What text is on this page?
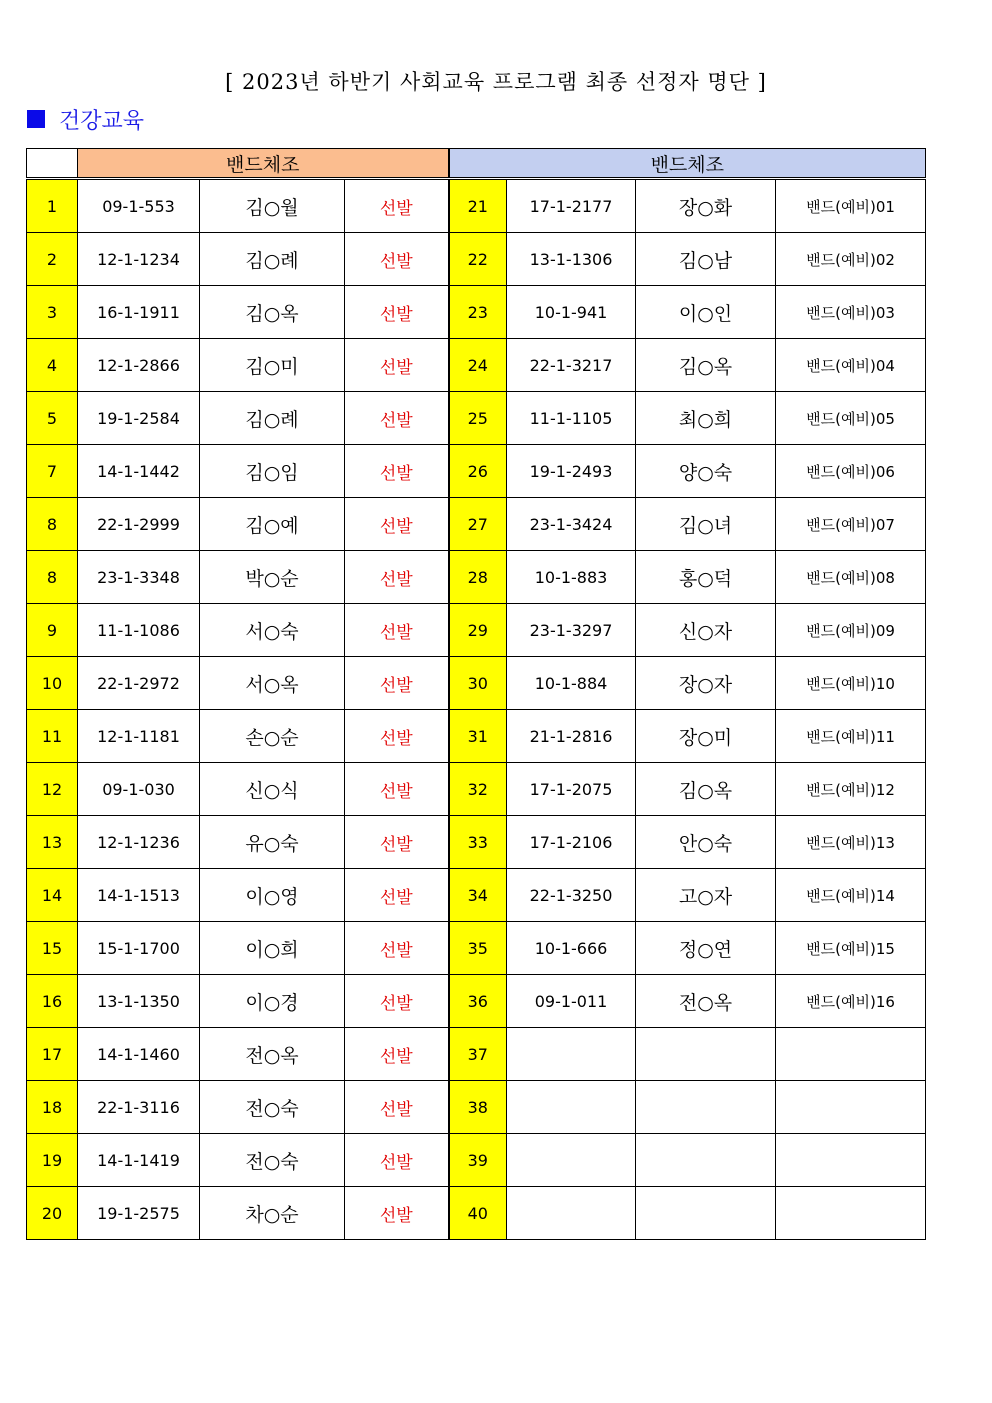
[ 2023년 하반기 사회교육 프로그램 최종 선정자 명단 ]
건강교육
	밴드체조			밴드체조			
1	09-1-553	김○월	선발	21	17-1-2177	장○화	밴드(예비)01
2	12-1-1234	김○례	선발	22	13-1-1306	김○남	밴드(예비)02
3	16-1-1911	김○옥	선발	23	10-1-941	이○인	밴드(예비)03
4	12-1-2866	김○미	선발	24	22-1-3217	김○옥	밴드(예비)04
5	19-1-2584	김○례	선발	25	11-1-1105	최○희	밴드(예비)05
7	14-1-1442	김○임	선발	26	19-1-2493	양○숙	밴드(예비)06
8	22-1-2999	김○예	선발	27	23-1-3424	김○녀	밴드(예비)07
8	23-1-3348	박○순	선발	28	10-1-883	홍○덕	밴드(예비)08
9	11-1-1086	서○숙	선발	29	23-1-3297	신○자	밴드(예비)09
10	22-1-2972	서○옥	선발	30	10-1-884	장○자	밴드(예비)10
11	12-1-1181	손○순	선발	31	21-1-2816	장○미	밴드(예비)11
12	09-1-030	신○식	선발	32	17-1-2075	김○옥	밴드(예비)12
13	12-1-1236	유○숙	선발	33	17-1-2106	안○숙	밴드(예비)13
14	14-1-1513	이○영	선발	34	22-1-3250	고○자	밴드(예비)14
15	15-1-1700	이○희	선발	35	10-1-666	정○연	밴드(예비)15
16	13-1-1350	이○경	선발	36	09-1-011	전○옥	밴드(예비)16
17	14-1-1460	전○옥	선발	37			
18	22-1-3116	전○숙	선발	38			
19	14-1-1419	전○숙	선발	39			
20	19-1-2575	차○순	선발	40			
